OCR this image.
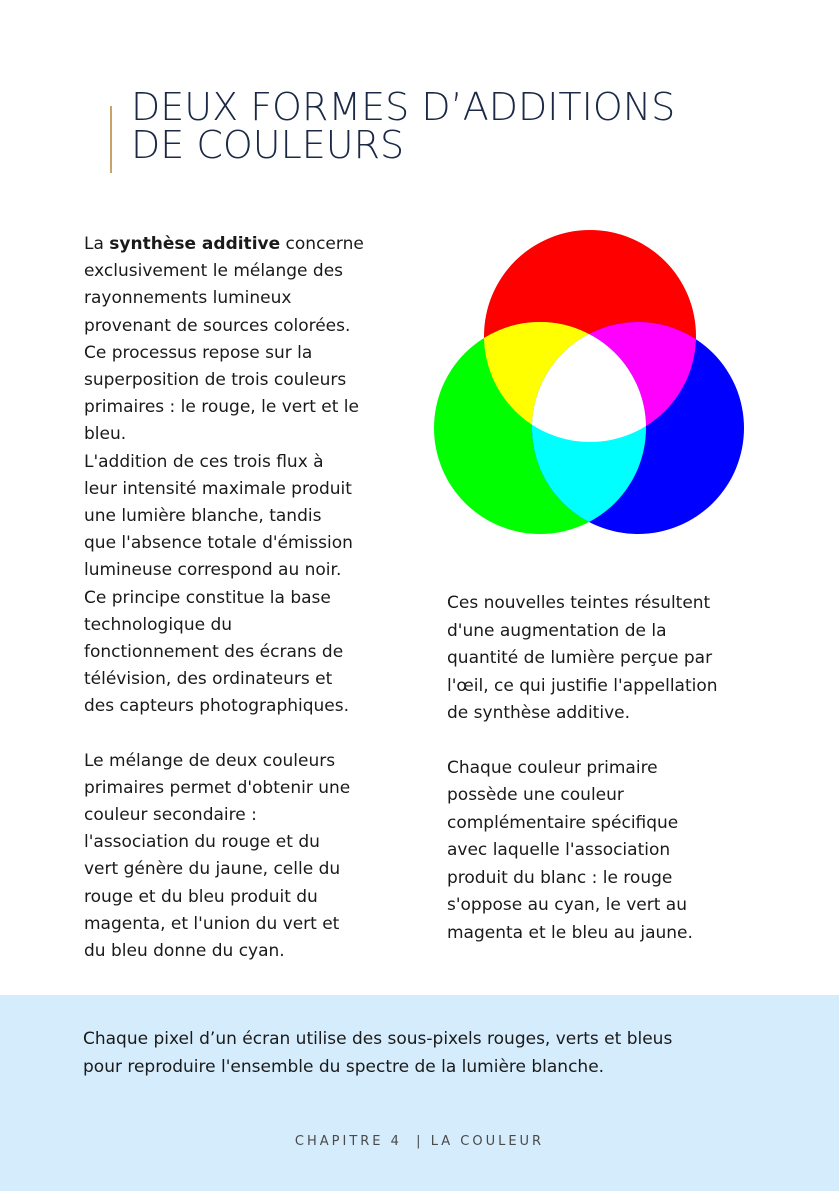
DEUX FORMES D’ADDITIONS
DE COULEURS

La synthèse additive concerne
exclusivement le mélange des
rayonnements lumineux
provenant de sources colorées.
Ce processus repose sur la
superposition de trois couleurs
primaires : le rouge, le vert et le
bleu.
L'addition de ces trois flux à
leur intensité maximale produit
une lumière blanche, tandis
que l'absence totale d'émission
lumineuse correspond au noir.
Ce principe constitue la base
technologique du
fonctionnement des écrans de
télévision, des ordinateurs et
des capteurs photographiques.

Le mélange de deux couleurs
primaires permet d'obtenir une
couleur secondaire :
l'association du rouge et du
vert génère du jaune, celle du
rouge et du bleu produit du
magenta, et l'union du vert et
du bleu donne du cyan.

Ces nouvelles teintes résultent
d'une augmentation de la
quantité de lumière perçue par
l'œil, ce qui justifie l'appellation
de synthèse additive.

Chaque couleur primaire
possède une couleur
complémentaire spécifique
avec laquelle l'association
produit du blanc : le rouge
s'oppose au cyan, le vert au
magenta et le bleu au jaune.

Chaque pixel d’un écran utilise des sous-pixels rouges, verts et bleus
pour reproduire l'ensemble du spectre de la lumière blanche.
CHAPITRE 4  | LA COULEUR
